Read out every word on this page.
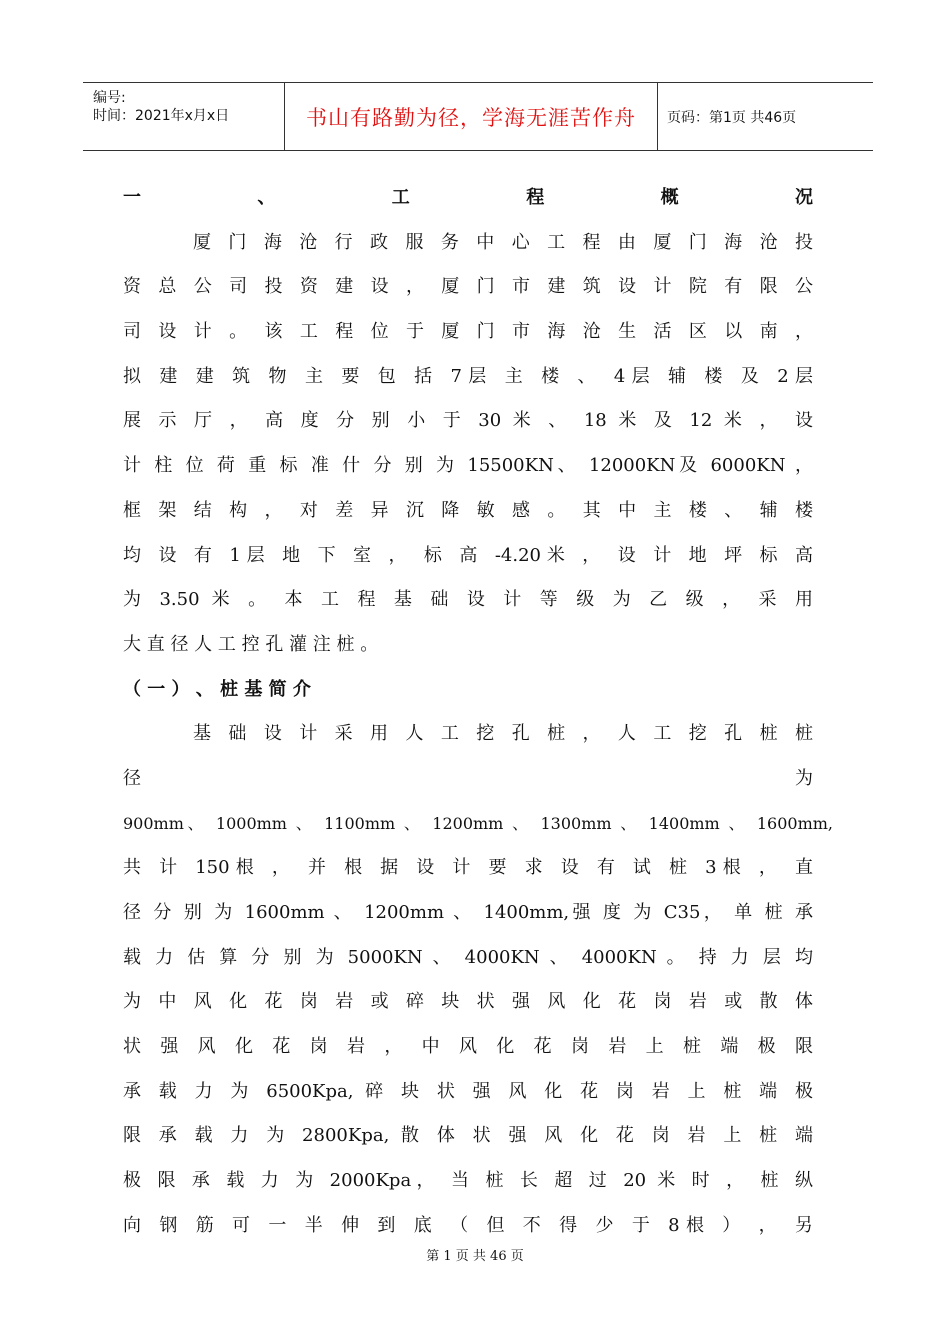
编号:
时间：2021年x月x日	书山有路勤为径，学海无涯苦作舟	页码：第1页 共46页
一 、 工 程 概 况
厦 门 海 沧 行 政 服 务 中 心 工 程 由 厦 门 海 沧 投
资 总 公 司 投 资 建 设 ， 厦 门 市 建 筑 设 计 院 有 限 公
司 设 计 。 该 工 程 位 于 厦 门 市 海 沧 生 活 区 以 南 ，
拟 建 建 筑 物 主 要 包 括 7层 主 楼 、 4层 辅 楼 及 2层
展 示 厅 ， 高 度 分 别 小 于 30 米 、 18 米 及 12 米 ， 设
计 柱 位 荷 重 标 准 什 分 别 为 15500KN、 12000KN及 6000KN ，
框 架 结 构 ， 对 差 异 沉 降 敏 感 。 其 中 主 楼 、 辅 楼
均 设 有 1层 地 下 室 ， 标 高 -4.20米 ， 设 计 地 坪 标 高
为 3.50 米 。 本 工 程 基 础 设 计 等 级 为 乙 级 ， 采 用
大 直 径 人 工 控 孔 灌 注 桩 。
（ 一 ） 、 桩 基 简 介
基 础 设 计 采 用 人 工 挖 孔 桩 ， 人 工 挖 孔 桩 桩
径 为
900mm、 1000mm 、 1100mm 、 1200mm 、 1300mm 、 1400mm 、 1600mm,
共 计 150根 ， 并 根 据 设 计 要 求 设 有 试 桩 3根 ， 直
径 分 别 为 1600mm 、 1200mm 、 1400mm,强 度 为 C35， 单 桩 承
载 力 估 算 分 别 为 5000KN 、 4000KN 、 4000KN 。 持 力 层 均
为 中 风 化 花 岗 岩 或 碎 块 状 强 风 化 花 岗 岩 或 散 体
状 强 风 化 花 岗 岩 ， 中 风 化 花 岗 岩 上 桩 端 极 限
承 载 力 为 6500Kpa, 碎 块 状 强 风 化 花 岗 岩 上 桩 端 极
限 承 载 力 为 2800Kpa, 散 体 状 强 风 化 花 岗 岩 上 桩 端
极 限 承 载 力 为 2000Kpa， 当 桩 长 超 过 20 米 时 ， 桩 纵
向 钢 筋 可 一 半 伸 到 底 （ 但 不 得 少 于 8根 ） ， 另
第 1 页 共 46 页
